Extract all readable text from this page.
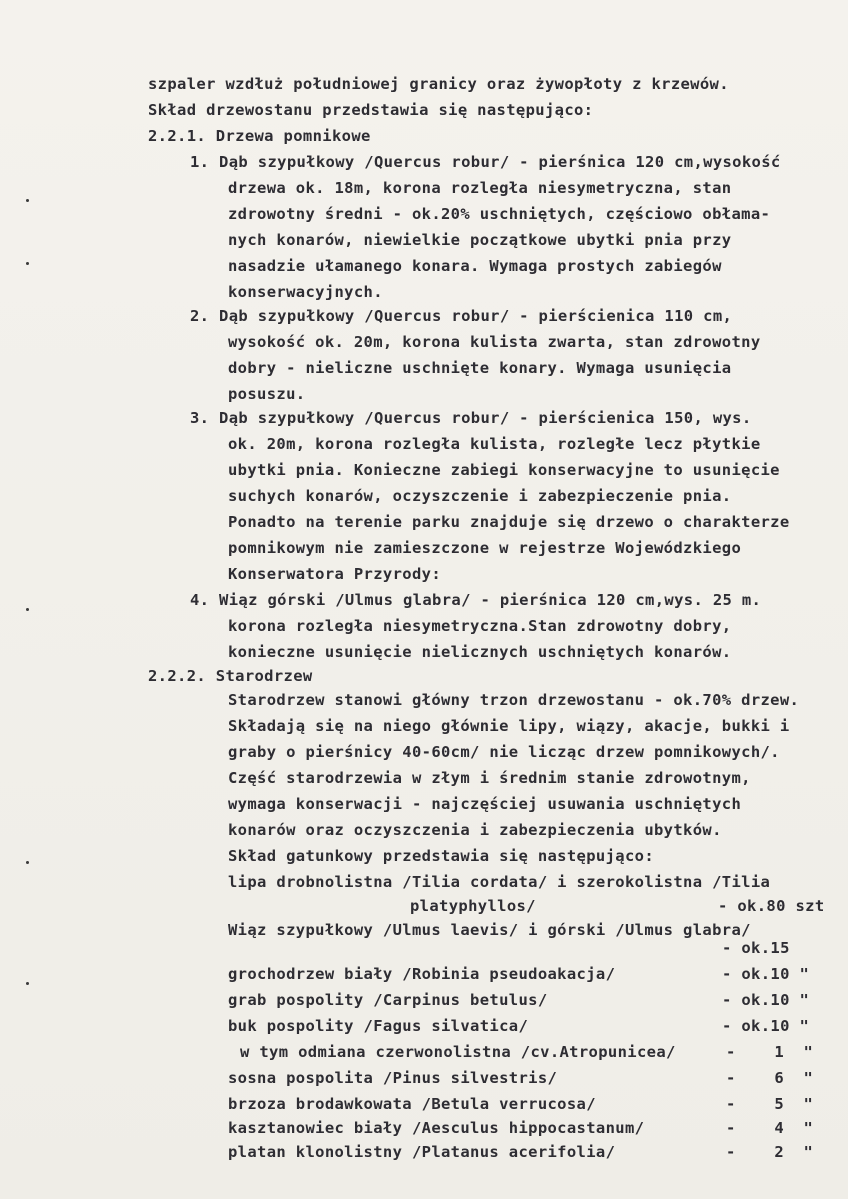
szpaler wzdłuż południowej granicy oraz żywopłoty z krzewów.
Skład drzewostanu przedstawia się następująco:
2.2.1. Drzewa pomnikowe
1. Dąb szypułkowy /Quercus robur/ - pierśnica 120 cm,wysokość
drzewa ok. 18m, korona rozległa niesymetryczna, stan
zdrowotny średni - ok.20% uschniętych, częściowo obłama-
nych konarów, niewielkie początkowe ubytki pnia przy
nasadzie ułamanego konara. Wymaga prostych zabiegów
konserwacyjnych.
2. Dąb szypułkowy /Quercus robur/ - pierścienica 110 cm,
wysokość ok. 20m, korona kulista zwarta, stan zdrowotny
dobry - nieliczne uschnięte konary. Wymaga usunięcia
posuszu.
3. Dąb szypułkowy /Quercus robur/ - pierścienica 150, wys.
ok. 20m, korona rozległa kulista, rozległe lecz płytkie
ubytki pnia. Konieczne zabiegi konserwacyjne to usunięcie
suchych konarów, oczyszczenie i zabezpieczenie pnia.
Ponadto na terenie parku znajduje się drzewo o charakterze
pomnikowym nie zamieszczone w rejestrze Wojewódzkiego
Konserwatora Przyrody:
4. Wiąz górski /Ulmus glabra/ - pierśnica 120 cm,wys. 25 m.
korona rozległa niesymetryczna.Stan zdrowotny dobry,
konieczne usunięcie nielicznych uschniętych konarów.
2.2.2. Starodrzew
Starodrzew stanowi główny trzon drzewostanu - ok.70% drzew.
Składają się na niego głównie lipy, wiązy, akacje, bukki i
graby o pierśnicy 40-60cm/ nie licząc drzew pomnikowych/.
Część starodrzewia w złym i średnim stanie zdrowotnym,
wymaga konserwacji - najczęściej usuwania uschniętych
konarów oraz oczyszczenia i zabezpieczenia ubytków.
Skład gatunkowy przedstawia się następująco:
lipa drobnolistna /Tilia cordata/ i szerokolistna /Tilia
platyphyllos/	- ok.80 szt
Wiąz szypułkowy /Ulmus laevis/ i górski /Ulmus glabra/
- ok.15
grochodrzew biały /Robinia pseudoakacja/	- ok.10 "
grab pospolity /Carpinus betulus/	- ok.10 "
buk pospolity /Fagus silvatica/	- ok.10 "
w tym odmiana czerwonolistna /cv.Atropunicea/	-    1  "
sosna pospolita /Pinus silvestris/	-    6  "
brzoza brodawkowata /Betula verrucosa/	-    5  "
kasztanowiec biały /Aesculus hippocastanum/	-    4  "
platan klonolistny /Platanus acerifolia/	-    2  "
